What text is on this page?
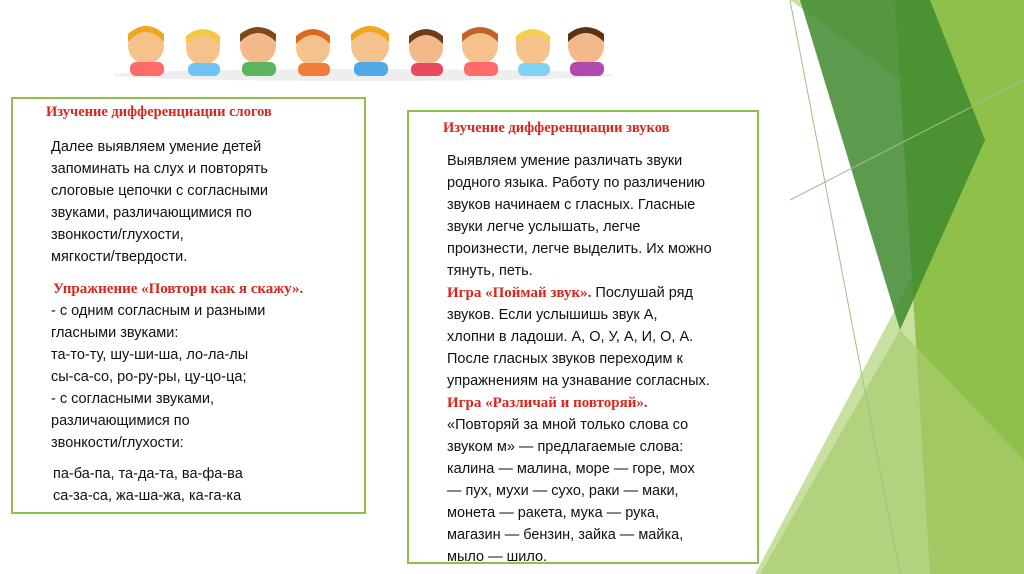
Изучение дифференциации слогов

Далее выявляем умение детей

запоминать на слух и повторять

слоговые цепочки с согласными

звуками, различающимися по

звонкости/глухости,

мягкости/твердости.

Упражнение «Повтори как я скажу».

- с одним согласным и разными

гласными звуками:

та-то-ту, шу-ши-ша, ло-ла-лы

сы-са-со, ро-ру-ры, цу-цо-ца;

- с согласными звуками,

различающимися по

звонкости/глухости:

па-ба-па, та-да-та, ва-фа-ва

са-за-са, жа-ша-жа, ка-га-ка

Изучение дифференциации звуков

Выявляем умение различать звуки

родного языка. Работу по различению

звуков начинаем с гласных. Гласные

звуки легче услышать, легче

произнести, легче выделить. Их можно

тянуть, петь.

Игра «Поймай звук». Послушай ряд

звуков. Если услышишь звук А,

хлопни в ладоши. А, О, У, А, И, О, А.

После гласных звуков переходим к

упражнениям на узнавание согласных.

Игра «Различай и повторяй».

«Повторяй за мной только слова со

звуком м» — предлагаемые слова:

калина — малина, море — горе, мох

— пух, мухи — сухо, раки — маки,

монета — ракета, мука — рука,

магазин — бензин, зайка — майка,

мыло — шило.
